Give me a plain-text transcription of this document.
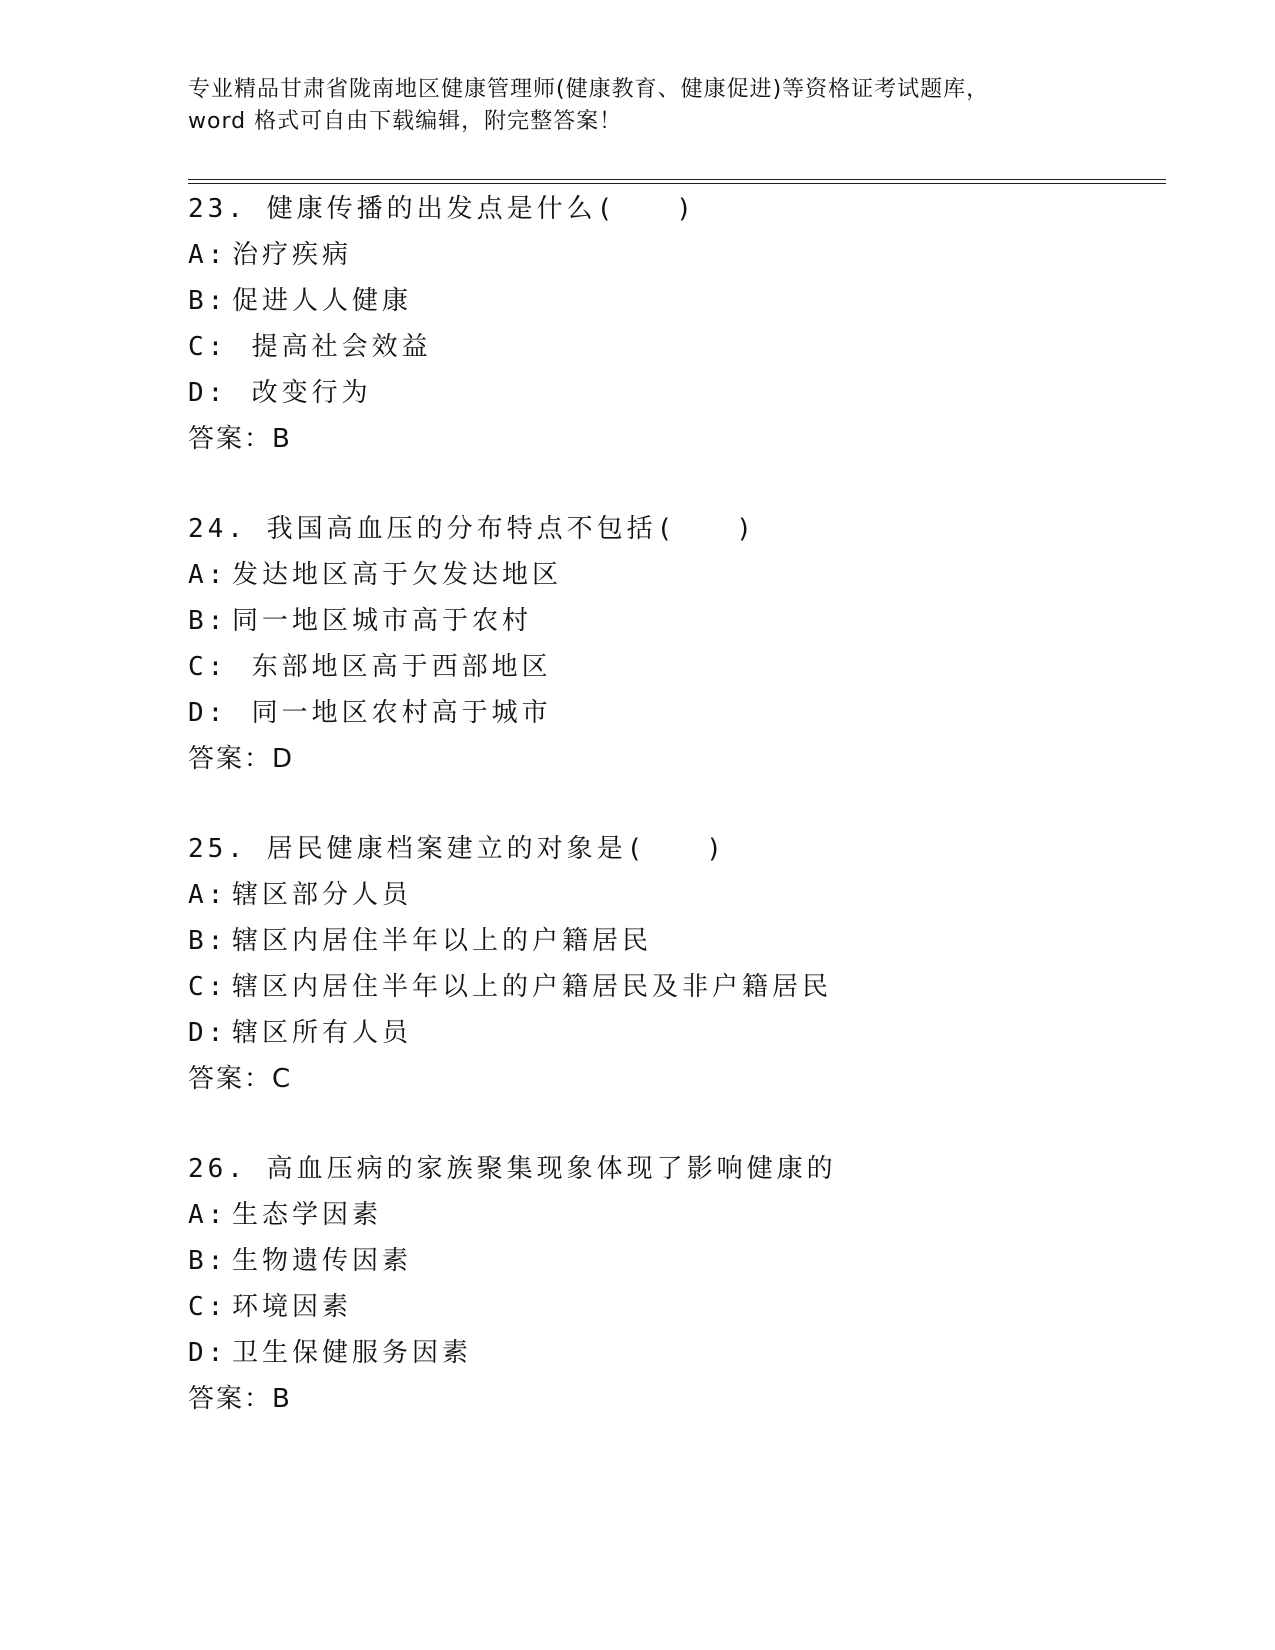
专业精品甘肃省陇南地区健康管理师(健康教育、健康促进)等资格证考试题库，
word 格式可自由下载编辑，附完整答案！
23. 健康传播的出发点是什么(　　)
A: 治疗疾病
B: 促进人人健康
C: 提高社会效益
D: 改变行为
答案：B
24. 我国高血压的分布特点不包括(　　)
A: 发达地区高于欠发达地区
B: 同一地区城市高于农村
C: 东部地区高于西部地区
D: 同一地区农村高于城市
答案：D
25. 居民健康档案建立的对象是(　　)
A: 辖区部分人员
B: 辖区内居住半年以上的户籍居民
C: 辖区内居住半年以上的户籍居民及非户籍居民
D: 辖区所有人员
答案：C
26. 高血压病的家族聚集现象体现了影响健康的
A: 生态学因素
B: 生物遗传因素
C: 环境因素
D: 卫生保健服务因素
答案：B
